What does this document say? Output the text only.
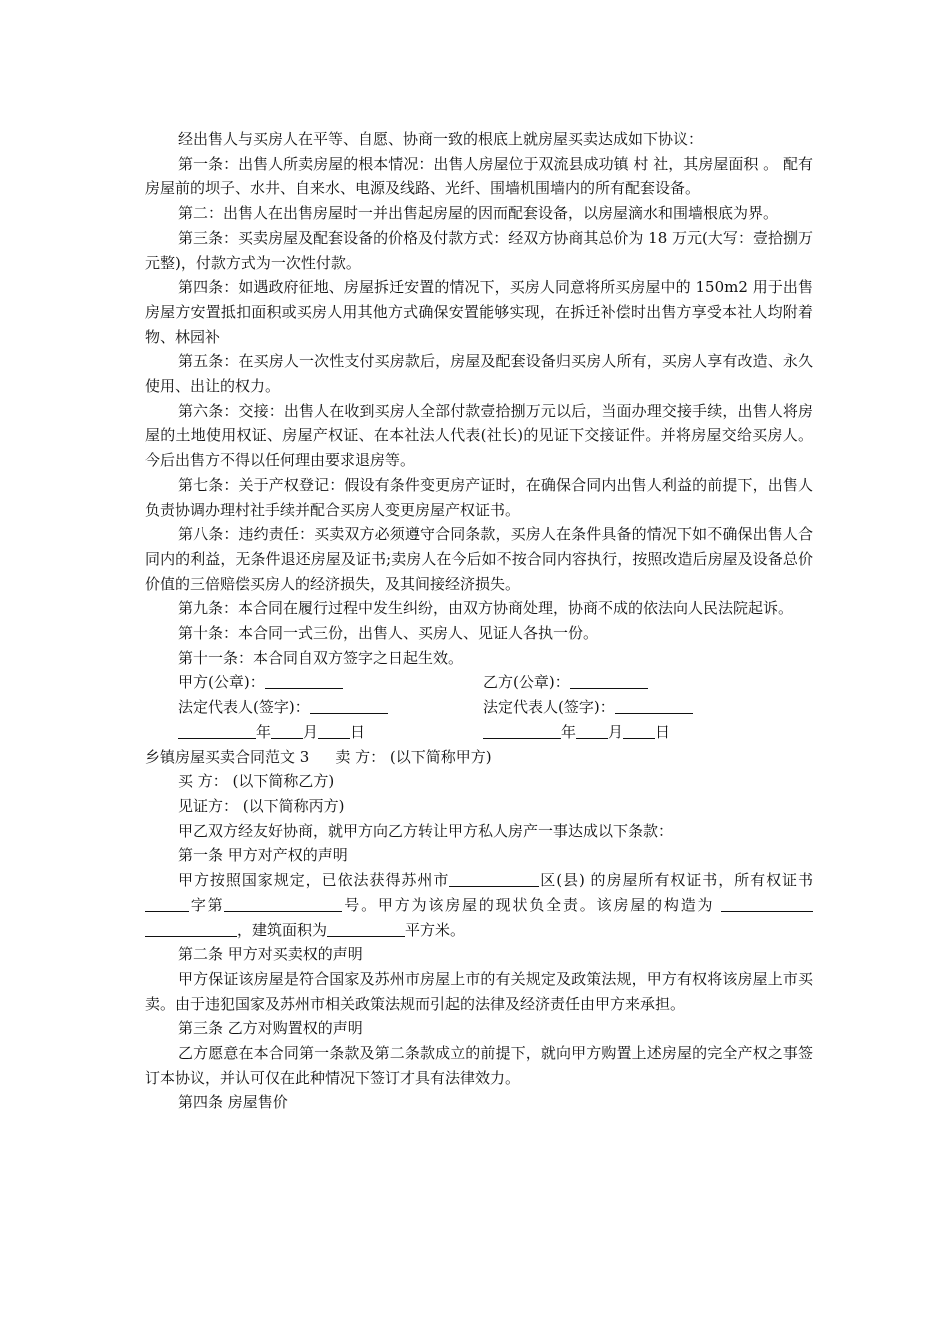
经出售人与买房人在平等、自愿、协商一致的根底上就房屋买卖达成如下协议：

第一条：出售人所卖房屋的根本情况：出售人房屋位于双流县成功镇 村 社，其房屋面积 。 配有房屋前的坝子、水井、自来水、电源及线路、光纤、围墙机围墙内的所有配套设备。

第二：出售人在出售房屋时一并出售起房屋的因而配套设备，以房屋滴水和围墙根底为界。

第三条：买卖房屋及配套设备的价格及付款方式：经双方协商其总价为 18 万元(大写：壹拾捌万元整)，付款方式为一次性付款。

第四条：如遇政府征地、房屋拆迁安置的情况下，买房人同意将所买房屋中的 150m2 用于出售房屋方安置抵扣面积或买房人用其他方式确保安置能够实现，在拆迁补偿时出售方享受本社人均附着物、林园补

第五条：在买房人一次性支付买房款后，房屋及配套设备归买房人所有，买房人享有改造、永久使用、出让的权力。

第六条：交接：出售人在收到买房人全部付款壹拾捌万元以后，当面办理交接手续，出售人将房屋的土地使用权证、房屋产权证、在本社法人代表(社长)的见证下交接证件。并将房屋交给买房人。今后出售方不得以任何理由要求退房等。

第七条：关于产权登记：假设有条件变更房产证时，在确保合同内出售人利益的前提下，出售人负责协调办理村社手续并配合买房人变更房屋产权证书。

第八条：违约责任：买卖双方必须遵守合同条款，买房人在条件具备的情况下如不确保出售人合同内的利益，无条件退还房屋及证书;卖房人在今后如不按合同内容执行，按照改造后房屋及设备总价价值的三倍赔偿买房人的经济损失，及其间接经济损失。

第九条：本合同在履行过程中发生纠纷，由双方协商处理，协商不成的依法向人民法院起诉。

第十条：本合同一式三份，出售人、买房人、见证人各执一份。

第十一条：本合同自双方签字之日起生效。

甲方(公章)：	乙方(公章)：
法定代表人(签字)：	法定代表人(签字)：
年 月 日	年 月 日

乡镇房屋买卖合同范文 3 卖 方： (以下简称甲方)

买 方： (以下简称乙方)

见证方： (以下简称丙方)

甲乙双方经友好协商，就甲方向乙方转让甲方私人房产一事达成以下条款：

第一条 甲方对产权的声明

甲方按照国家规定，已依法获得苏州市	区(县) 的房屋所有权证书，所有权证书字第	号。甲方为该房屋的现状负全责。该房屋的构造为 ，建筑面积为	平方米。

第二条 甲方对买卖权的声明

甲方保证该房屋是符合国家及苏州市房屋上市的有关规定及政策法规，甲方有权将该房屋上市买卖。由于违犯国家及苏州市相关政策法规而引起的法律及经济责任由甲方来承担。

第三条 乙方对购置权的声明

乙方愿意在本合同第一条款及第二条款成立的前提下，就向甲方购置上述房屋的完全产权之事签订本协议，并认可仅在此种情况下签订才具有法律效力。

第四条 房屋售价
